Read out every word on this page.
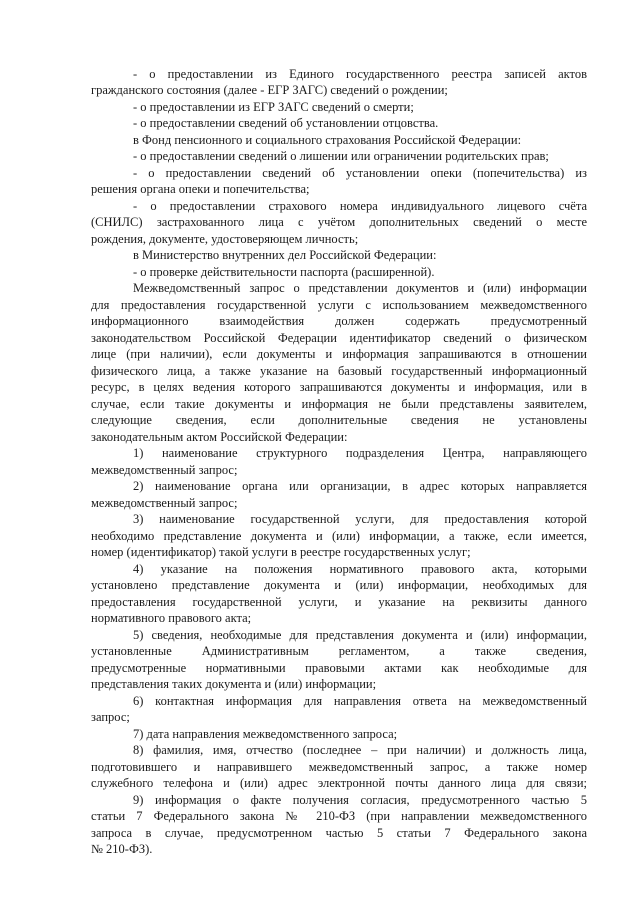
- о предоставлении из Единого государственного реестра записей актов
гражданского состояния (далее - ЕГР ЗАГС) сведений о рождении;
- о предоставлении из ЕГР ЗАГС сведений о смерти;
- о предоставлении сведений об установлении отцовства.
в Фонд пенсионного и социального страхования Российской Федерации:
- о предоставлении сведений о лишении или ограничении родительских прав;
- о предоставлении сведений об установлении опеки (попечительства) из
решения органа опеки и попечительства;
- о предоставлении страхового номера индивидуального лицевого счёта
(СНИЛС) застрахованного лица с учётом дополнительных сведений о месте
рождения, документе, удостоверяющем личность;
в Министерство внутренних дел Российской Федерации:
- о проверке действительности паспорта (расширенной).
Межведомственный запрос о представлении документов и (или) информации
для предоставления государственной услуги с использованием межведомственного
информационного взаимодействия должен содержать предусмотренный
законодательством Российской Федерации идентификатор сведений о физическом
лице (при наличии), если документы и информация запрашиваются в отношении
физического лица, а также указание на базовый государственный информационный
ресурс, в целях ведения которого запрашиваются документы и информация, или в
случае, если такие документы и информация не были представлены заявителем,
следующие сведения, если дополнительные сведения не установлены
законодательным актом Российской Федерации:
1) наименование структурного подразделения Центра, направляющего
межведомственный запрос;
2) наименование органа или организации, в адрес которых направляется
межведомственный запрос;
3) наименование государственной услуги, для предоставления которой
необходимо представление документа и (или) информации, а также, если имеется,
номер (идентификатор) такой услуги в реестре государственных услуг;
4) указание на положения нормативного правового акта, которыми
установлено представление документа и (или) информации, необходимых для
предоставления государственной услуги, и указание на реквизиты данного
нормативного правового акта;
5) сведения, необходимые для представления документа и (или) информации,
установленные Административным регламентом, а также сведения,
предусмотренные нормативными правовыми актами как необходимые для
представления таких документа и (или) информации;
6) контактная информация для направления ответа на межведомственный
запрос;
7) дата направления межведомственного запроса;
8) фамилия, имя, отчество (последнее – при наличии) и должность лица,
подготовившего и направившего межведомственный запрос, а также номер
служебного телефона и (или) адрес электронной почты данного лица для связи;
9) информация о факте получения согласия, предусмотренного частью 5
статьи 7 Федерального закона № 210-ФЗ (при направлении межведомственного
запроса в случае, предусмотренном частью 5 статьи 7 Федерального закона
№ 210-ФЗ).
